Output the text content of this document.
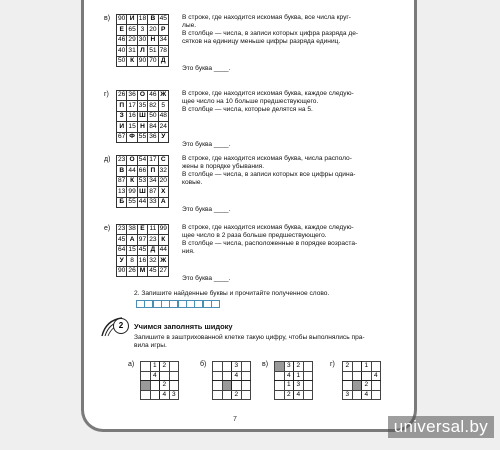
в) 90	И	18	В	45
Е	65	3	20	Р
46	29	30	Н	34
40	31	Л	51	78
50	К	90	70	Д
В строке, где находится искомая буква, все числа круг-
лые.
В столбце — числа, в записи которых цифра разряда де-
сятков на единицу меньше цифры разряда единиц.
Это буква ____.
г) 26	36	О	46	Ж
П	17	35	82	5
З	16	Ш	50	48
И	15	Н	84	24
67	Ф	55	36	У
В строке, где находится искомая буква, каждое следую-
щее число на 10 больше предшествующего.
В столбце — числа, которые делятся на 5.
Это буква ____.
д) 23	О	54	17	С
В	44	66	П	32
87	К	53	34	20
13	99	Ш	87	Х
Б	55	44	33	А
В строке, где находится искомая буква, числа располо-
жены в порядке убывания.
В столбце — числа, в записи которых все цифры одина-
ковые.
Это буква ____.
е) 23	38	Е	11	99
45	А	97	23	К
64	15	45	Д	44
У	8	16	32	Ж
90	26	М	45	27
В строке, где находится искомая буква, каждое следую-
щее число в 2 раза больше предшествующего.
В столбце — числа, расположенные в порядке возраста-
ния.
Это буква ____.
2. Запишите найденные буквы и прочитайте полученное слово.
2	Учимся заполнять шидоку
Запишите в заштрихованной клетке такую цифру, чтобы выполнялись пра-
вила игры.
а)
		1	2	
	4		
		2	
		4	3
б)
			3	
		4	

		2	
в)
		3	2	
	4	1	
	1	3	
	2	4	
г) 2		1	
			4
		2	
3		4	
7	universal.by
